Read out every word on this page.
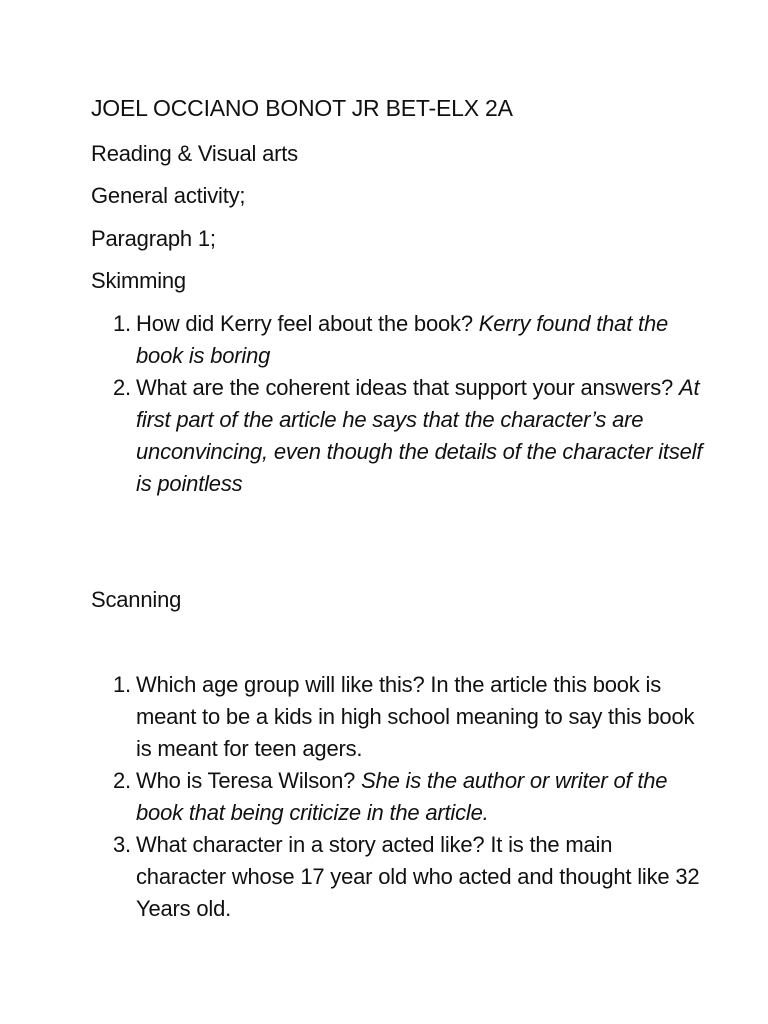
JOEL OCCIANO BONOT JR BET-ELX 2A
Reading & Visual arts
General activity;
Paragraph 1;
Skimming
1. How did Kerry feel about the book? Kerry found that the book is boring
2. What are the coherent ideas that support your answers? At first part of the article he says that the character’s are unconvincing, even though the details of the character itself is pointless
Scanning
1. Which age group will like this? In the article this book is meant to be a kids in high school meaning to say this book is meant for teen agers.
2. Who is Teresa Wilson? She is the author or writer of the book that being criticize in the article.
3. What character in a story acted like? It is the main character whose 17 year old who acted and thought like 32 Years old.
